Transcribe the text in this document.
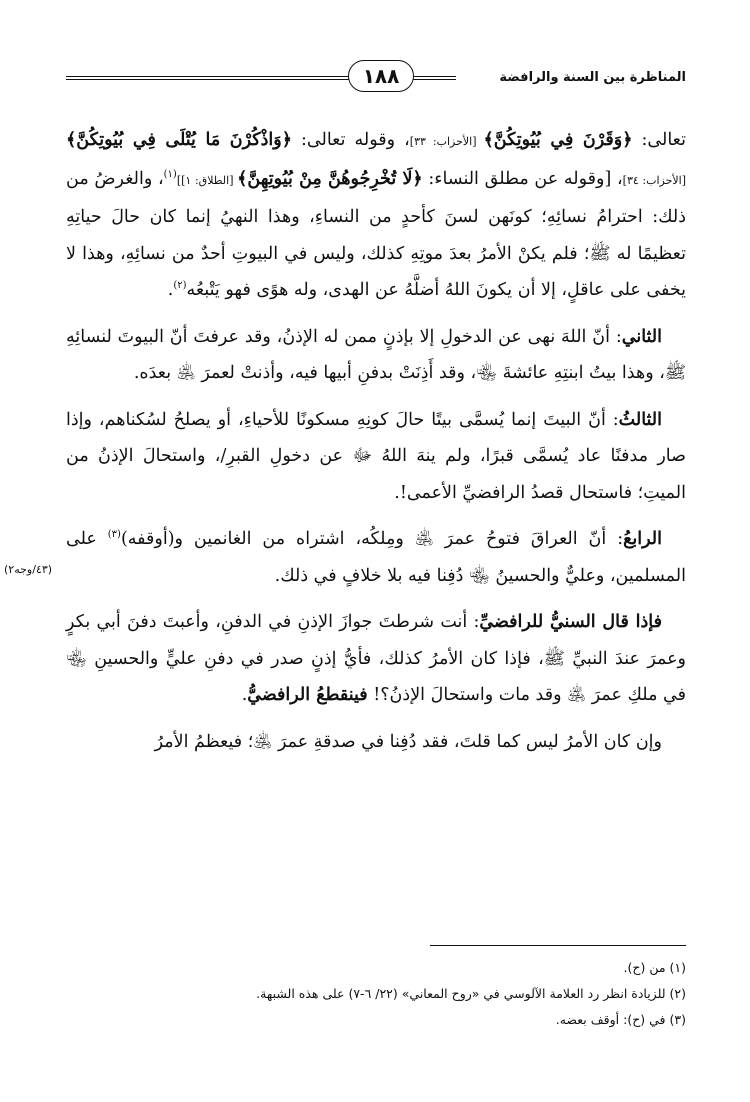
المناظرة بين السنة والرافضة
١٨٨
(٤٣/وجه٢)

تعالى: ﴿وَقَرْنَ فِي بُيُوتِكُنَّ﴾ [الأحزاب: ٣٣]، وقوله تعالى: ﴿وَاذْكُرْنَ مَا يُتْلَى فِي بُيُوتِكُنَّ﴾ [الأحزاب: ٣٤]، [وقوله عن مطلق النساء: ﴿لَا تُخْرِجُوهُنَّ مِنْ بُيُوتِهِنَّ﴾ [الطلاق: ١]]$^{(١)}$، والغرضُ من ذلك: احترامُ نسائِهِ؛ كونَهن لسنَ كأحدٍ من النساءِ، وهذا النهيُ إنما كان حالَ حياتِهِ تعظيمًا له ﷺ؛ فلم يكنْ الأمرُ بعدَ موتِهِ كذلك، وليس في البيوتِ أحدٌ من نسائِهِ، وهذا لا يخفى على عاقلٍ، إلا أن يكونَ اللهُ أضلَّهُ عن الهدى، وله هوًى فهو يَتْبعُه$^{(٢)}$.

الثاني: أنّ اللهَ نهى عن الدخولِ إلا بإذنٍ ممن له الإذنُ، وقد عرفتَ أنّ البيوتَ لنسائِهِ ﷺ، وهذا بيتُ ابنتِهِ عائشةَ ﵄، وقد أَذِنَتْ بدفنِ أبيها فيه، وأذنتْ لعمرَ ﵁ بعدَه.

الثالثُ: أنّ البيتَ إنما يُسمَّى بيتًا حالَ كونِهِ مسكونًا للأحياءِ، أو يصلحُ لسُكناهم، وإذا صار مدفنًا عاد يُسمَّى قبرًا، ولم ينهَ اللهُ ﷻ عن دخولِ القبرِ/، واستحالَ الإذنُ من الميتِ؛ فاستحال قصدُ الرافضيِّ الأعمى!.

الرابعُ: أنّ العراقَ فتوحُ عمرَ ﵁ ومِلكُه، اشتراه من الغانمين و(أوقفه)$^{(٣)}$ على المسلمين، وعليٌّ والحسينُ ﵄ دُفِنا فيه بلا خلافٍ في ذلك.

فإذا قال السنيُّ للرافضيِّ: أنت شرطتَ جوازَ الإذنِ في الدفنِ، وأعبتَ دفنَ أبي بكرٍ وعمرَ عندَ النبيِّ ﷺ، فإذا كان الأمرُ كذلك، فأيُّ إذنٍ صدر في دفنِ عليٍّ والحسينِ ﵄ في ملكِ عمرَ ﵁ وقد مات واستحالَ الإذنُ؟! فينقطعُ الرافضيُّ.

وإن كان الأمرُ ليس كما قلتَ، فقد دُفِنا في صدقةِ عمرَ ﵁؛ فيعظمُ الأمرُ

(١) من (ح).
(٢) للزيادة انظر رد العلامة الآلوسي في «روح المعاني» (٢٢/ ٦-٧) على هذه الشبهة.
(٣) في (ح): أوقف بعضه.
